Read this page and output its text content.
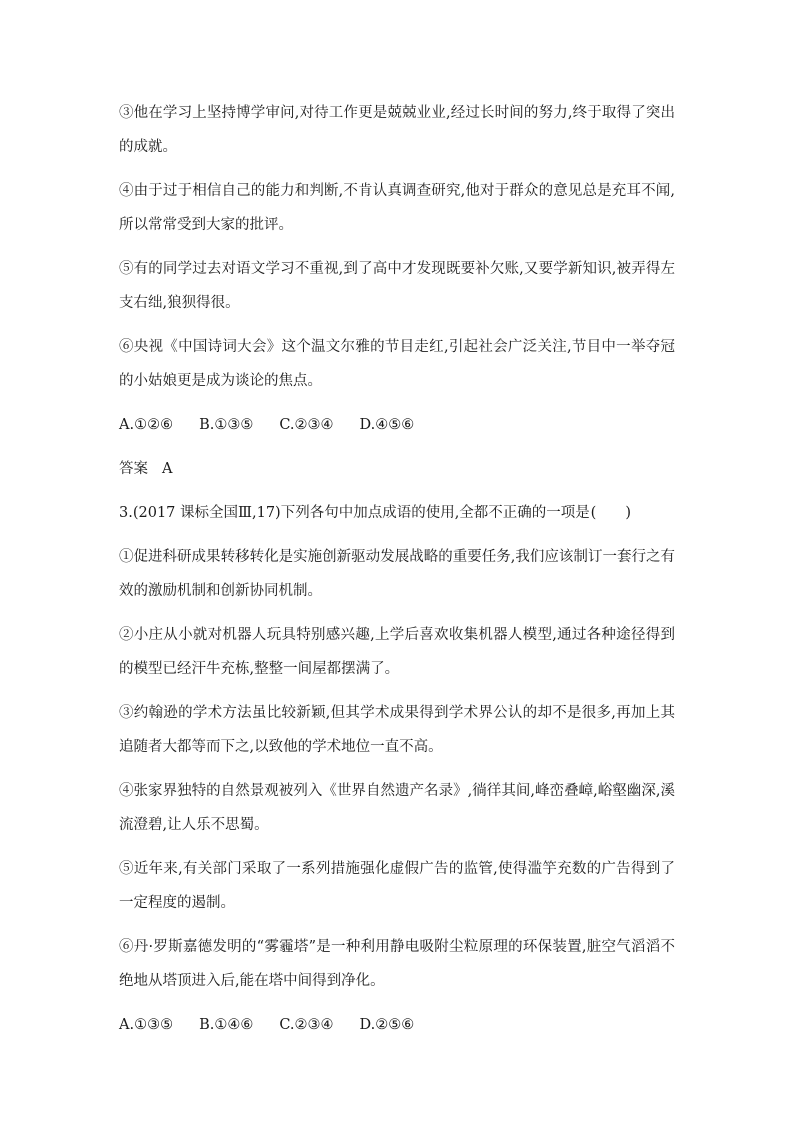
③他在学习上坚持博学审问,对待工作更是兢兢业业,经过长时间的努力,终于取得了突出的成就。

④由于过于相信自己的能力和判断,不肯认真调查研究,他对于群众的意见总是充耳不闻,所以常常受到大家的批评。

⑤有的同学过去对语文学习不重视,到了高中才发现既要补欠账,又要学新知识,被弄得左支右绌,狼狈得很。

⑥央视《中国诗词大会》这个温文尔雅的节目走红,引起社会广泛关注,节目中一举夺冠的小姑娘更是成为谈论的焦点。

A.①②⑥ B.①③⑤ C.②③④ D.④⑤⑥
答案 A
3.(2017 课标全国Ⅲ,17)下列各句中加点成语的使用,全都不正确的一项是 (　　)

①促进科研成果转移转化是实施创新驱动发展战略的重要任务,我们应该制订一套行之有效的激励机制和创新协同机制。

②小庄从小就对机器人玩具特别感兴趣,上学后喜欢收集机器人模型,通过各种途径得到的模型已经汗牛充栋,整整一间屋都摆满了。

③约翰逊的学术方法虽比较新颖,但其学术成果得到学术界公认的却不是很多,再加上其追随者大都等而下之,以致他的学术地位一直不高。

④张家界独特的自然景观被列入《世界自然遗产名录》,徜徉其间,峰峦叠嶂,峪壑幽深,溪流澄碧,让人乐不思蜀。

⑤近年来,有关部门采取了一系列措施强化虚假广告的监管,使得滥竽充数的广告得到了一定程度的遏制。

⑥丹·罗斯嘉德发明的“雾霾塔”是一种利用静电吸附尘粒原理的环保装置,脏空气滔滔不绝地从塔顶进入后,能在塔中间得到净化。

A.①③⑤ B.①④⑥ C.②③④ D.②⑤⑥
